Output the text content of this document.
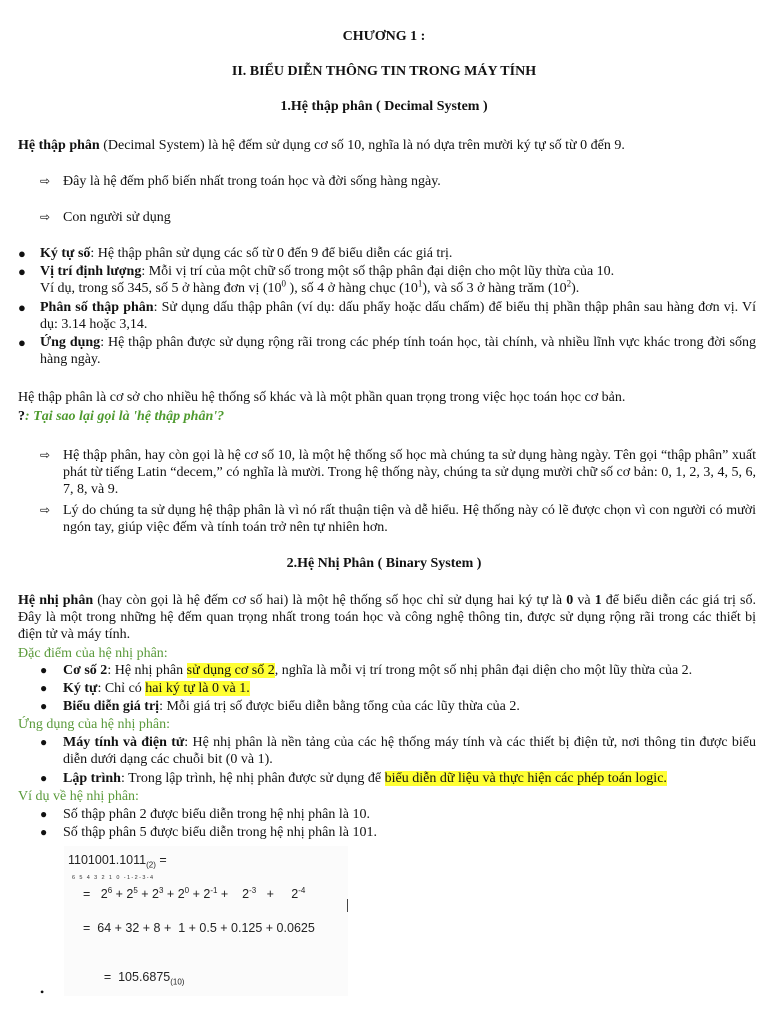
CHƯƠNG 1 :
II. BIỂU DIỄN THÔNG TIN TRONG MÁY TÍNH
1.Hệ thập phân ( Decimal System )
Hệ thập phân (Decimal System) là hệ đếm sử dụng cơ số 10, nghĩa là nó dựa trên mười ký tự số từ 0 đến 9.
⇨ Đây là hệ đếm phổ biến nhất trong toán học và đời sống hàng ngày.
⇨ Con người sử dụng
● Ký tự số: Hệ thập phân sử dụng các số từ 0 đến 9 để biểu diễn các giá trị.
● Vị trí định lượng: Mỗi vị trí của một chữ số trong một số thập phân đại diện cho một lũy thừa của 10.
Ví dụ, trong số 345, số 5 ở hàng đơn vị ($10^0$ ), số 4 ở hàng chục $(10^1)$, và số 3 ở hàng trăm $(10^2)$.
● Phân số thập phân: Sử dụng dấu thập phân (ví dụ: dấu phẩy hoặc dấu chấm) để biểu thị phần thập phân sau hàng đơn vị. Ví dụ: 3.14 hoặc 3,14.
● Ứng dụng: Hệ thập phân được sử dụng rộng rãi trong các phép tính toán học, tài chính, và nhiều lĩnh vực khác trong đời sống hàng ngày.
Hệ thập phân là cơ sở cho nhiều hệ thống số khác và là một phần quan trọng trong việc học toán học cơ bản.
?: Tại sao lại gọi là 'hệ thập phân'?
⇨ Hệ thập phân, hay còn gọi là hệ cơ số 10, là một hệ thống số học mà chúng ta sử dụng hàng ngày. Tên gọi “thập phân” xuất phát từ tiếng Latin “decem,” có nghĩa là mười. Trong hệ thống này, chúng ta sử dụng mười chữ số cơ bản: 0, 1, 2, 3, 4, 5, 6, 7, 8, và 9.
⇨ Lý do chúng ta sử dụng hệ thập phân là vì nó rất thuận tiện và dễ hiểu. Hệ thống này có lẽ được chọn vì con người có mười ngón tay, giúp việc đếm và tính toán trở nên tự nhiên hơn.
2.Hệ Nhị Phân ( Binary System )
Hệ nhị phân (hay còn gọi là hệ đếm cơ số hai) là một hệ thống số học chỉ sử dụng hai ký tự là 0 và 1 để biểu diễn các giá trị số. Đây là một trong những hệ đếm quan trọng nhất trong toán học và công nghệ thông tin, được sử dụng rộng rãi trong các thiết bị điện tử và máy tính.
Đặc điểm của hệ nhị phân:
● Cơ số 2: Hệ nhị phân sử dụng cơ số 2, nghĩa là mỗi vị trí trong một số nhị phân đại diện cho một lũy thừa của 2.
● Ký tự: Chỉ có hai ký tự là 0 và 1.
● Biểu diễn giá trị: Mỗi giá trị số được biểu diễn bằng tổng của các lũy thừa của 2.
Ứng dụng của hệ nhị phân:
● Máy tính và điện tử: Hệ nhị phân là nền tảng của các hệ thống máy tính và các thiết bị điện tử, nơi thông tin được biểu diễn dưới dạng các chuỗi bit (0 và 1).
● Lập trình: Trong lập trình, hệ nhị phân được sử dụng để biểu diễn dữ liệu và thực hiện các phép toán logic.
Ví dụ về hệ nhị phân:
● Số thập phân 2 được biểu diễn trong hệ nhị phân là 10.
● Số thập phân 5 được biểu diễn trong hệ nhị phân là 101.
$1101001.1011_{(2)}$ =
6 5 4 3 2 1 0 -1-2-3-4
= $2^6 + 2^5 + 2^3 + 2^0 + 2^{-1}$ +    $2^{-3}$   +     $2^{-4}$
=  64 + 32 + 8 +  1 + 0.5 + 0.125 + 0.0625

=  $105.6875_{(10)}$

•
